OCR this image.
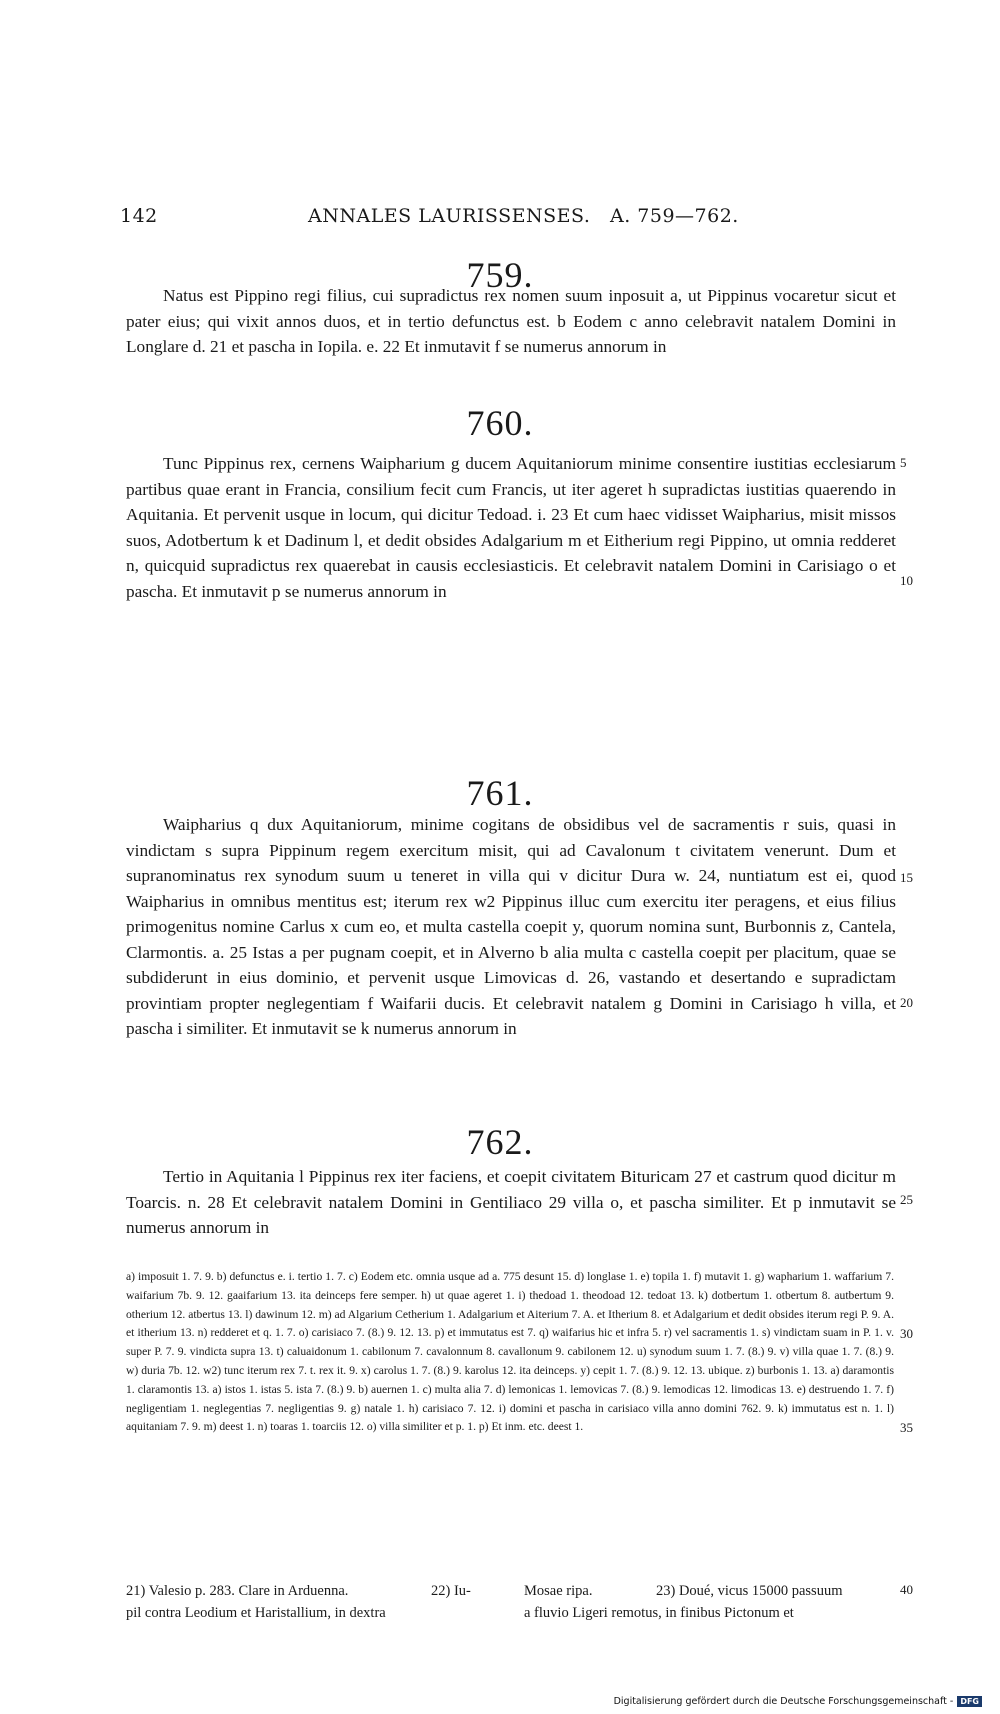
142	ANNALES LAURISSENSES.   A. 759—762.
759.

Natus est Pippino regi filius, cui supradictus rex nomen suum inposuit a, ut Pippinus vocaretur sicut et pater eius; qui vixit annos duos, et in tertio defunctus est. b Eodem c anno celebravit natalem Domini in Longlare d. 21 et pascha in Iopila. e. 22 Et inmutavit f se numerus annorum in

760.

Tunc Pippinus rex, cernens Waipharium g ducem Aquitaniorum minime consentire iustitias ecclesiarum partibus quae erant in Francia, consilium fecit cum Francis, ut iter ageret h supradictas iustitias quaerendo in Aquitania. Et pervenit usque in locum, qui dicitur Tedoad. i. 23 Et cum haec vidisset Waipharius, misit missos suos, Adotbertum k et Dadinum l, et dedit obsides Adalgarium m et Eitherium regi Pippino, ut omnia redderet n, quicquid supradictus rex quaerebat in causis ecclesiasticis. Et celebravit natalem Domini in Carisiago o et pascha. Et inmutavit p se numerus annorum in

761.

Waipharius q dux Aquitaniorum, minime cogitans de obsidibus vel de sacramentis r suis, quasi in vindictam s supra Pippinum regem exercitum misit, qui ad Cavalonum t civitatem venerunt. Dum et supranominatus rex synodum suum u teneret in villa qui v dicitur Dura w. 24, nuntiatum est ei, quod Waipharius in omnibus mentitus est; iterum rex w2 Pippinus illuc cum exercitu iter peragens, et eius filius primogenitus nomine Carlus x cum eo, et multa castella coepit y, quorum nomina sunt, Burbonnis z, Cantela, Clarmontis. a. 25 Istas a per pugnam coepit, et in Alverno b alia multa c castella coepit per placitum, quae se subdiderunt in eius dominio, et pervenit usque Limovicas d. 26, vastando et desertando e supradictam provintiam propter neglegentiam f Waifarii ducis. Et celebravit natalem g Domini in Carisiago h villa, et pascha i similiter. Et inmutavit se k numerus annorum in

762.

Tertio in Aquitania l Pippinus rex iter faciens, et coepit civitatem Bituricam 27 et castrum quod dicitur m Toarcis. n. 28 Et celebravit natalem Domini in Gentiliaco 29 villa o, et pascha similiter. Et p inmutavit se numerus annorum in

5
10
15
20
25
30
35
40
a) imposuit 1. 7. 9. b) defunctus e. i. tertio 1. 7. c) Eodem etc. omnia usque ad a. 775 desunt 15. d) longlase 1. e) topila 1. f) mutavit 1. g) wapharium 1. waffarium 7. waifarium 7b. 9. 12. gaaifarium 13. ita deinceps fere semper. h) ut quae ageret 1. i) thedoad 1. theodoad 12. tedoat 13. k) dotbertum 1. otbertum 8. autbertum 9. otherium 12. atbertus 13. l) dawinum 12. m) ad Algarium Cetherium 1. Adalgarium et Aiterium 7. A. et Itherium 8. et Adalgarium et dedit obsides iterum regi P. 9. A. et itherium 13. n) redderet et q. 1. 7. o) carisiaco 7. (8.) 9. 12. 13. p) et immutatus est 7. q) waifarius hic et infra 5. r) vel sacramentis 1. s) vindictam suam in P. 1. v. super P. 7. 9. vindicta supra 13. t) caluaidonum 1. cabilonum 7. cavalonnum 8. cavallonum 9. cabilonem 12. u) synodum suum 1. 7. (8.) 9. v) villa quae 1. 7. (8.) 9. w) duria 7b. 12. w2) tunc iterum rex 7. t. rex it. 9. x) carolus 1. 7. (8.) 9. karolus 12. ita deinceps. y) cepit 1. 7. (8.) 9. 12. 13. ubique. z) burbonis 1. 13. a) daramontis 1. claramontis 13. a) istos 1. istas 5. ista 7. (8.) 9. b) auernen 1. c) multa alia 7. d) lemonicas 1. lemovicas 7. (8.) 9. lemodicas 12. limodicas 13. e) destruendo 1. 7. f) negligentiam 1. neglegentias 7. negligentias 9. g) natale 1. h) carisiaco 7. 12. i) domini et pascha in carisiaco villa anno domini 762. 9. k) immutatus est n. 1. l) aquitaniam 7. 9. m) deest 1. n) toaras 1. toarciis 12. o) villa similiter et p. 1. p) Et inm. etc. deest 1.
21) Valesio p. 283. Clare in Arduenna.	22) Iu-	Mosae ripa.	23) Doué, vicus 15000 passuum
pil contra Leodium et Haristallium, in dextra	a fluvio Ligeri remotus, in finibus Pictonum et
Digitalisierung gefördert durch die Deutsche Forschungsgemeinschaft - DFG
